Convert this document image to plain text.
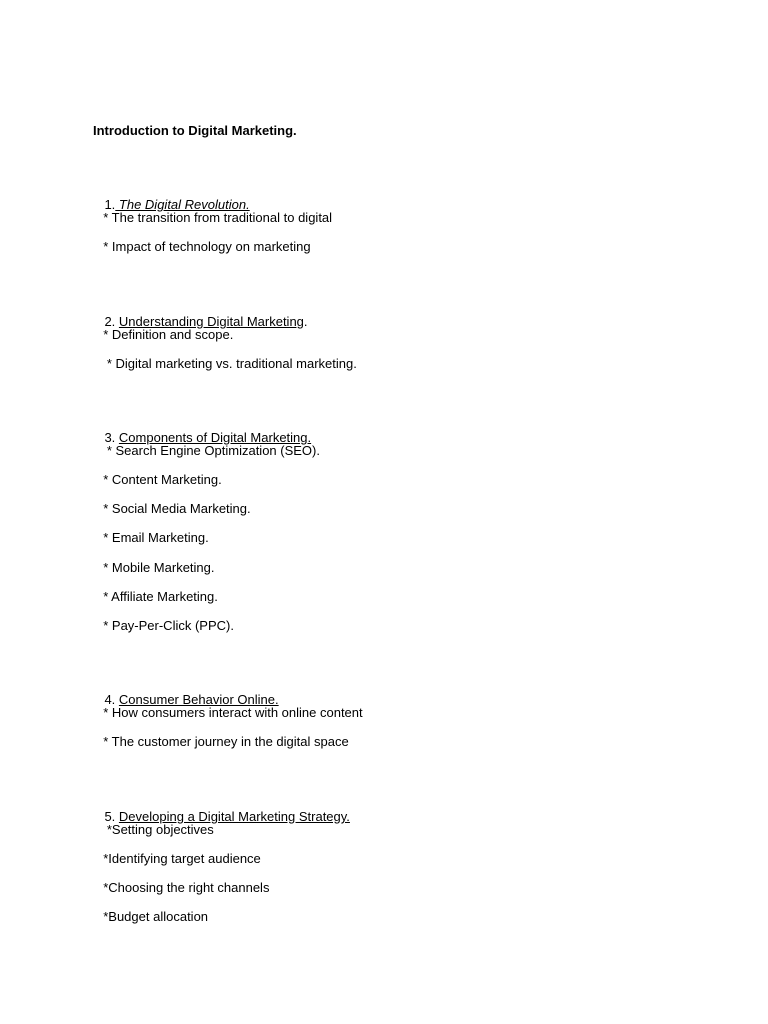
Introduction to Digital Marketing.

1. The Digital Revolution.

* The transition from traditional to digital
* Impact of technology on marketing

2. Understanding Digital Marketing.

* Definition and scope.
* Digital marketing vs. traditional marketing.

3. Components of Digital Marketing.

* Search Engine Optimization (SEO).
* Content Marketing.
* Social Media Marketing.
* Email Marketing.
* Mobile Marketing.
* Affiliate Marketing.
* Pay-Per-Click (PPC).

4. Consumer Behavior Online.

* How consumers interact with online content
* The customer journey in the digital space

5. Developing a Digital Marketing Strategy.

*Setting objectives
*Identifying target audience
*Choosing the right channels
*Budget allocation
